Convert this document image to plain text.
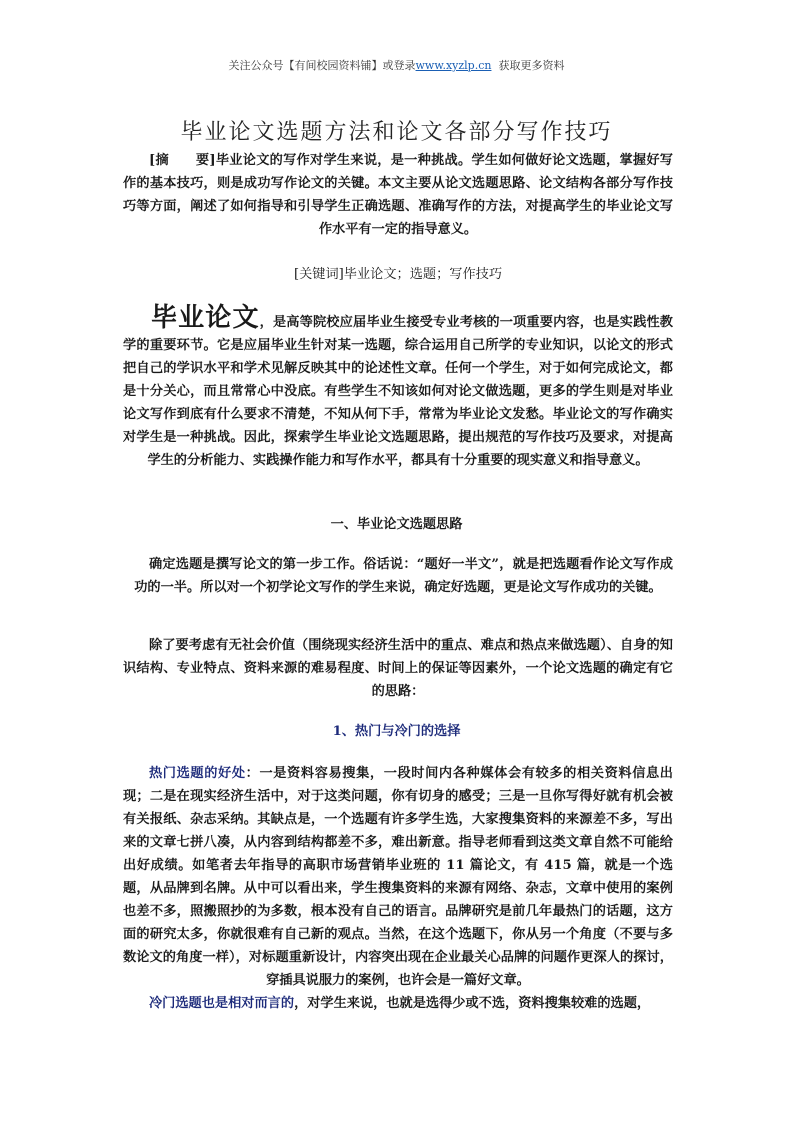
关注公众号【有间校园资料铺】或登录www.xyzlp.cn 获取更多资料
毕业论文选题方法和论文各部分写作技巧
[摘　　要]毕业论文的写作对学生来说，是一种挑战。学生如何做好论文选题，掌握好写作的基本技巧，则是成功写作论文的关键。本文主要从论文选题思路、论文结构各部分写作技巧等方面，阐述了如何指导和引导学生正确选题、准确写作的方法，对提高学生的毕业论文写作水平有一定的指导意义。
[关键词]毕业论文；选题；写作技巧
毕业论文，是高等院校应届毕业生接受专业考核的一项重要内容，也是实践性教学的重要环节。它是应届毕业生针对某一选题，综合运用自己所学的专业知识，以论文的形式把自己的学识水平和学术见解反映其中的论述性文章。任何一个学生，对于如何完成论文，都是十分关心，而且常常心中没底。有些学生不知该如何对论文做选题，更多的学生则是对毕业论文写作到底有什么要求不清楚，不知从何下手，常常为毕业论文发愁。毕业论文的写作确实对学生是一种挑战。因此，探索学生毕业论文选题思路，提出规范的写作技巧及要求，对提高学生的分析能力、实践操作能力和写作水平，都具有十分重要的现实意义和指导意义。
一、毕业论文选题思路
确定选题是撰写论文的第一步工作。俗话说：“题好一半文”，就是把选题看作论文写作成功的一半。所以对一个初学论文写作的学生来说，确定好选题，更是论文写作成功的关键。
除了要考虑有无社会价值（围绕现实经济生活中的重点、难点和热点来做选题）、自身的知识结构、专业特点、资料来源的难易程度、时间上的保证等因素外，一个论文选题的确定有它的思路：
1、热门与冷门的选择
热门选题的好处：一是资料容易搜集，一段时间内各种媒体会有较多的相关资料信息出现；二是在现实经济生活中，对于这类问题，你有切身的感受；三是一旦你写得好就有机会被有关报纸、杂志采纳。其缺点是，一个选题有许多学生选，大家搜集资料的来源差不多，写出来的文章七拼八凑，从内容到结构都差不多，难出新意。指导老师看到这类文章自然不可能给出好成绩。如笔者去年指导的高职市场营销毕业班的 11 篇论文，有 415 篇，就是一个选题，从品牌到名牌。从中可以看出来，学生搜集资料的来源有网络、杂志，文章中使用的案例也差不多，照搬照抄的为多数，根本没有自己的语言。品牌研究是前几年最热门的话题，这方面的研究太多，你就很难有自己新的观点。当然，在这个选题下，你从另一个角度（不要与多数论文的角度一样），对标题重新设计，内容突出现在企业最关心品牌的问题作更深人的探讨，穿插具说服力的案例，也许会是一篇好文章。
冷门选题也是相对而言的，对学生来说，也就是选得少或不选，资料搜集较难的选题，
